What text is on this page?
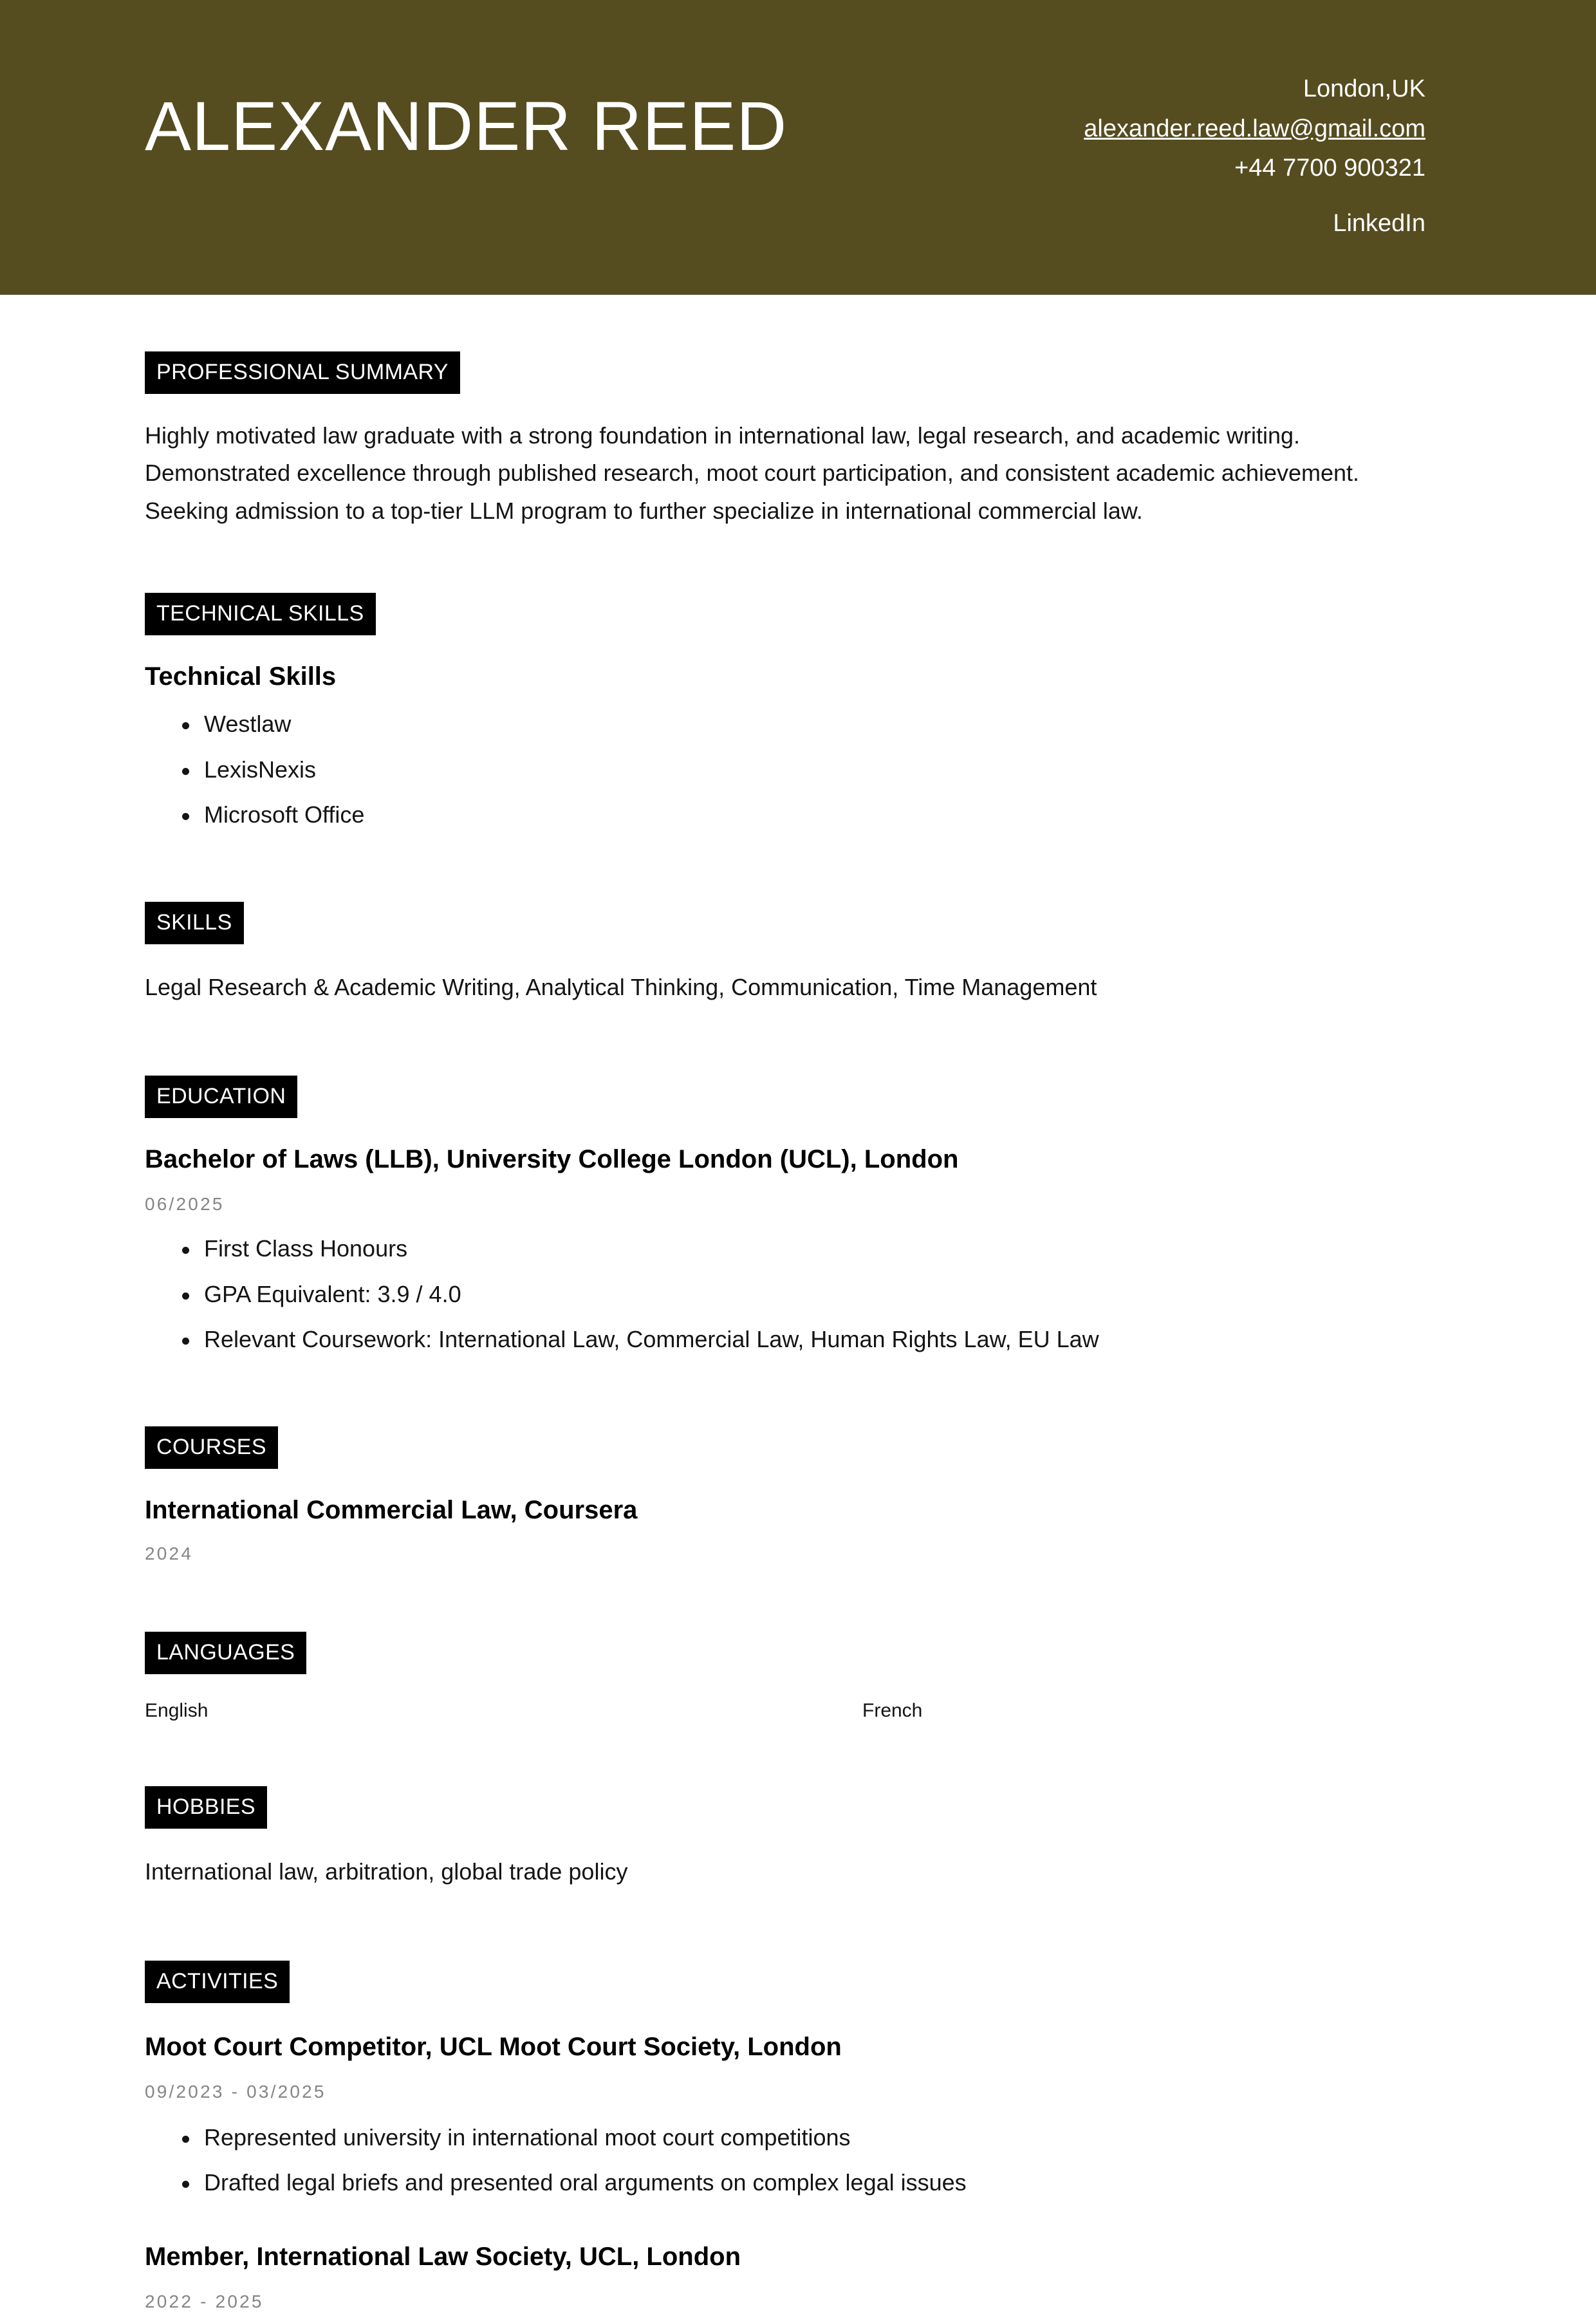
ALEXANDER REED	London,UK
alexander.reed.law@gmail.com
+44 7700 900321
LinkedIn
PROFESSIONAL SUMMARY
Highly motivated law graduate with a strong foundation in international law, legal research, and academic writing. Demonstrated excellence through published research, moot court participation, and consistent academic achievement. Seeking admission to a top-tier LLM program to further specialize in international commercial law.
TECHNICAL SKILLS
Technical Skills
Westlaw
LexisNexis
Microsoft Office
SKILLS
Legal Research & Academic Writing, Analytical Thinking, Communication, Time Management
EDUCATION
Bachelor of Laws (LLB), University College London (UCL), London
06/2025
First Class Honours
GPA Equivalent: 3.9 / 4.0
Relevant Coursework: International Law, Commercial Law, Human Rights Law, EU Law
COURSES
International Commercial Law, Coursera
2024
LANGUAGES
English	French
HOBBIES
International law, arbitration, global trade policy
ACTIVITIES
Moot Court Competitor, UCL Moot Court Society, London
09/2023 - 03/2025
Represented university in international moot court competitions
Drafted legal briefs and presented oral arguments on complex legal issues
Member, International Law Society, UCL, London
2022 - 2025
